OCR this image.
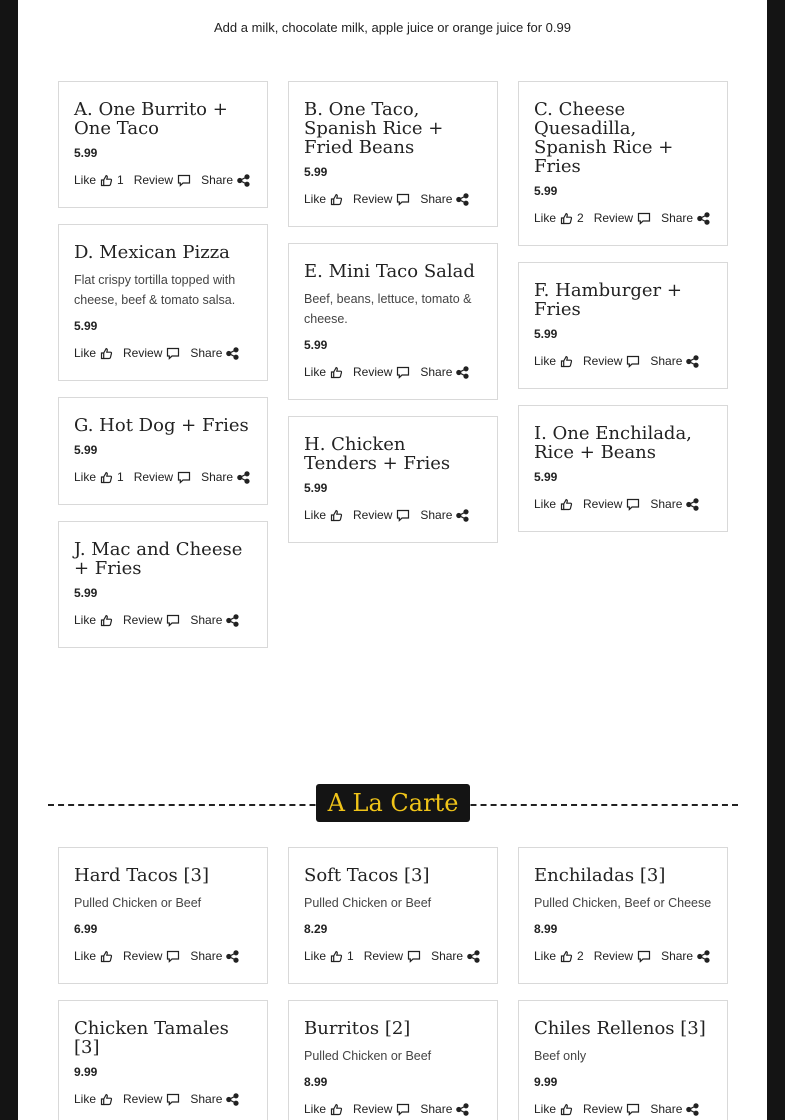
Add a milk, chocolate milk, apple juice or orange juice for 0.99
A. One Burrito + One Taco
5.99
Like 1 Review Share
D. Mexican Pizza

Flat crispy tortilla topped with cheese, beef & tomato salsa.

5.99
Like Review Share
G. Hot Dog + Fries
5.99
Like 1 Review Share
J. Mac and Cheese + Fries
5.99
Like Review Share
B. One Taco, Spanish Rice + Fried Beans
5.99
Like Review Share
E. Mini Taco Salad

Beef, beans, lettuce, tomato & cheese.

5.99
Like Review Share
H. Chicken Tenders + Fries
5.99
Like Review Share
C. Cheese Quesadilla, Spanish Rice + Fries
5.99
Like 2 Review Share
F. Hamburger + Fries
5.99
Like Review Share
I. One Enchilada, Rice + Beans
5.99
Like Review Share
A La Carte
Hard Tacos [3]

Pulled Chicken or Beef

6.99
Like Review Share
Chicken Tamales [3]
9.99
Like Review Share
Soft Tacos [3]

Pulled Chicken or Beef

8.29
Like 1 Review Share
Burritos [2]

Pulled Chicken or Beef

8.99
Like Review Share
Enchiladas [3]

Pulled Chicken, Beef or Cheese

8.99
Like 2 Review Share
Chiles Rellenos [3]

Beef only

9.99
Like Review Share
